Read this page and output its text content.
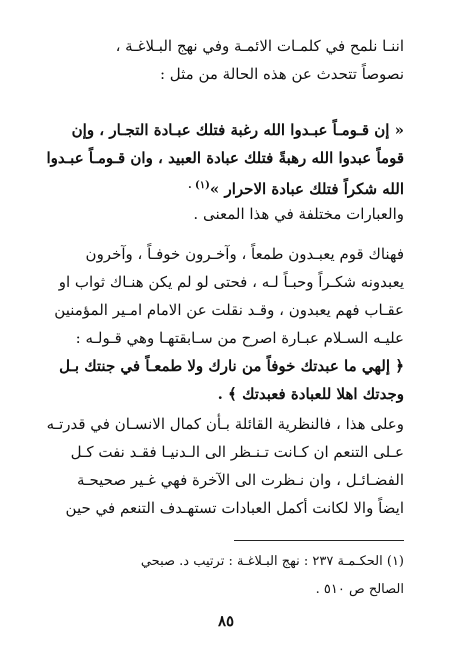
اننـا نلمح في كلمـات الائمـة وفي نهج البـلاغـة ،
نصوصاً تتحدث عن هذه الحالة من مثل :

« إن قـومـاً عبـدوا الله رغبة فتلك عبـادة التجـار ، وإن
قوماً عبدوا الله رهبةً فتلك عبادة العبيد ، وان قـومـاً عبـدوا
الله شكراً فتلك عبادة الاحرار »$^{(١) .}$

والعبارات مختلفة في هذا المعنى .

فهناك قوم يعبـدون طمعاً ، وآخـرون خوفـاً ، وآخرون
يعبدونه شكـراً وحبـاً لـه ، فحتى لو لم يكن هنـاك ثواب او
عقـاب فهم يعبدون ، وقـد نقلت عن الامام امـير المؤمنين
عليـه السـلام عبـارة اصرح من سـابقتهـا وهي قـولـه :
﴿ إلهي ما عبدتك خوفاً من نارك ولا طمعـاً في جنتك بـل
وجدتك اهلا للعبادة فعبدتك ﴾ .

وعلى هذا ، فالنظرية القائلة بـأن كمال الانسـان في قدرتـه
عـلى التنعم ان كـانت تـنـظر الى الـدنيـا فقـد نفت كـل
الفضـائـل ، وان نـظرت الى الآخرة فهي غـير صحيحـة
ايضاً والا لكانت أكمل العبادات تستهـدف التنعم في حين

(١) الحكـمـة ٢٣٧ : نهج البـلاغـة : ترتيب د. صبحي
الصالح ص ٥١٠ .

٨٥
